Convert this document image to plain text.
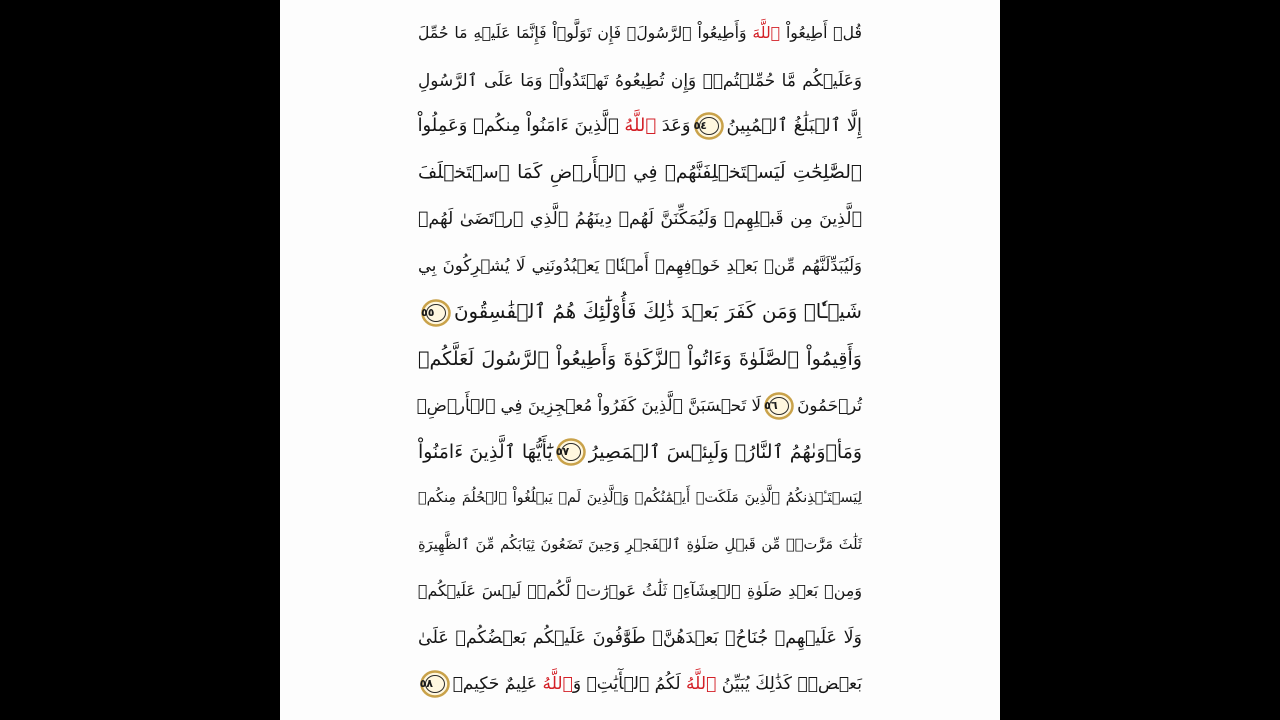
قُلۡ أَطِيعُواْ ٱللَّهَ وَأَطِيعُواْ ٱلرَّسُولَۖ فَإِن تَوَلَّوۡاْ فَإِنَّمَا عَلَيۡهِ مَا حُمِّلَ
وَعَلَيۡكُم مَّا حُمِّلۡتُمۡۖ وَإِن تُطِيعُوهُ تَهۡتَدُواْۚ وَمَا عَلَى ٱلرَّسُولِ
إِلَّا ٱلۡبَلَٰغُ ٱلۡمُبِينُ
٥٤
وَعَدَ ٱللَّهُ ٱلَّذِينَ ءَامَنُواْ مِنكُمۡ وَعَمِلُواْ
ٱلصَّٰلِحَٰتِ لَيَسۡتَخۡلِفَنَّهُمۡ فِي ٱلۡأَرۡضِ كَمَا ٱسۡتَخۡلَفَ
ٱلَّذِينَ مِن قَبۡلِهِمۡ وَلَيُمَكِّنَنَّ لَهُمۡ دِينَهُمُ ٱلَّذِي ٱرۡتَضَىٰ لَهُمۡ
وَلَيُبَدِّلَنَّهُم مِّنۢ بَعۡدِ خَوۡفِهِمۡ أَمۡنٗاۚ يَعۡبُدُونَنِي لَا يُشۡرِكُونَ بِي
شَيۡـٔٗاۚ وَمَن كَفَرَ بَعۡدَ ذَٰلِكَ فَأُوْلَٰٓئِكَ هُمُ ٱلۡفَٰسِقُونَ
٥٥
وَأَقِيمُواْ ٱلصَّلَوٰةَ وَءَاتُواْ ٱلزَّكَوٰةَ وَأَطِيعُواْ ٱلرَّسُولَ لَعَلَّكُمۡ
تُرۡحَمُونَ
٥٦
لَا تَحۡسَبَنَّ ٱلَّذِينَ كَفَرُواْ مُعۡجِزِينَ فِي ٱلۡأَرۡضِۚ
وَمَأۡوَىٰهُمُ ٱلنَّارُۖ وَلَبِئۡسَ ٱلۡمَصِيرُ
٥٧
يَٰٓأَيُّهَا ٱلَّذِينَ ءَامَنُواْ
لِيَسۡتَـٔۡذِنكُمُ ٱلَّذِينَ مَلَكَتۡ أَيۡمَٰنُكُمۡ وَٱلَّذِينَ لَمۡ يَبۡلُغُواْ ٱلۡحُلُمَ مِنكُمۡ
ثَلَٰثَ مَرَّٰتٖۚ مِّن قَبۡلِ صَلَوٰةِ ٱلۡفَجۡرِ وَحِينَ تَضَعُونَ ثِيَابَكُم مِّنَ ٱلظَّهِيرَةِ
وَمِنۢ بَعۡدِ صَلَوٰةِ ٱلۡعِشَآءِۚ ثَلَٰثُ عَوۡرَٰتٖ لَّكُمۡۚ لَيۡسَ عَلَيۡكُمۡ
وَلَا عَلَيۡهِمۡ جُنَاحُۢ بَعۡدَهُنَّۚ طَوَّٰفُونَ عَلَيۡكُم بَعۡضُكُمۡ عَلَىٰ
بَعۡضٖۚ كَذَٰلِكَ يُبَيِّنُ ٱللَّهُ لَكُمُ ٱلۡأٓيَٰتِۗ وَٱللَّهُ عَلِيمٌ حَكِيمٞ
٥٨
